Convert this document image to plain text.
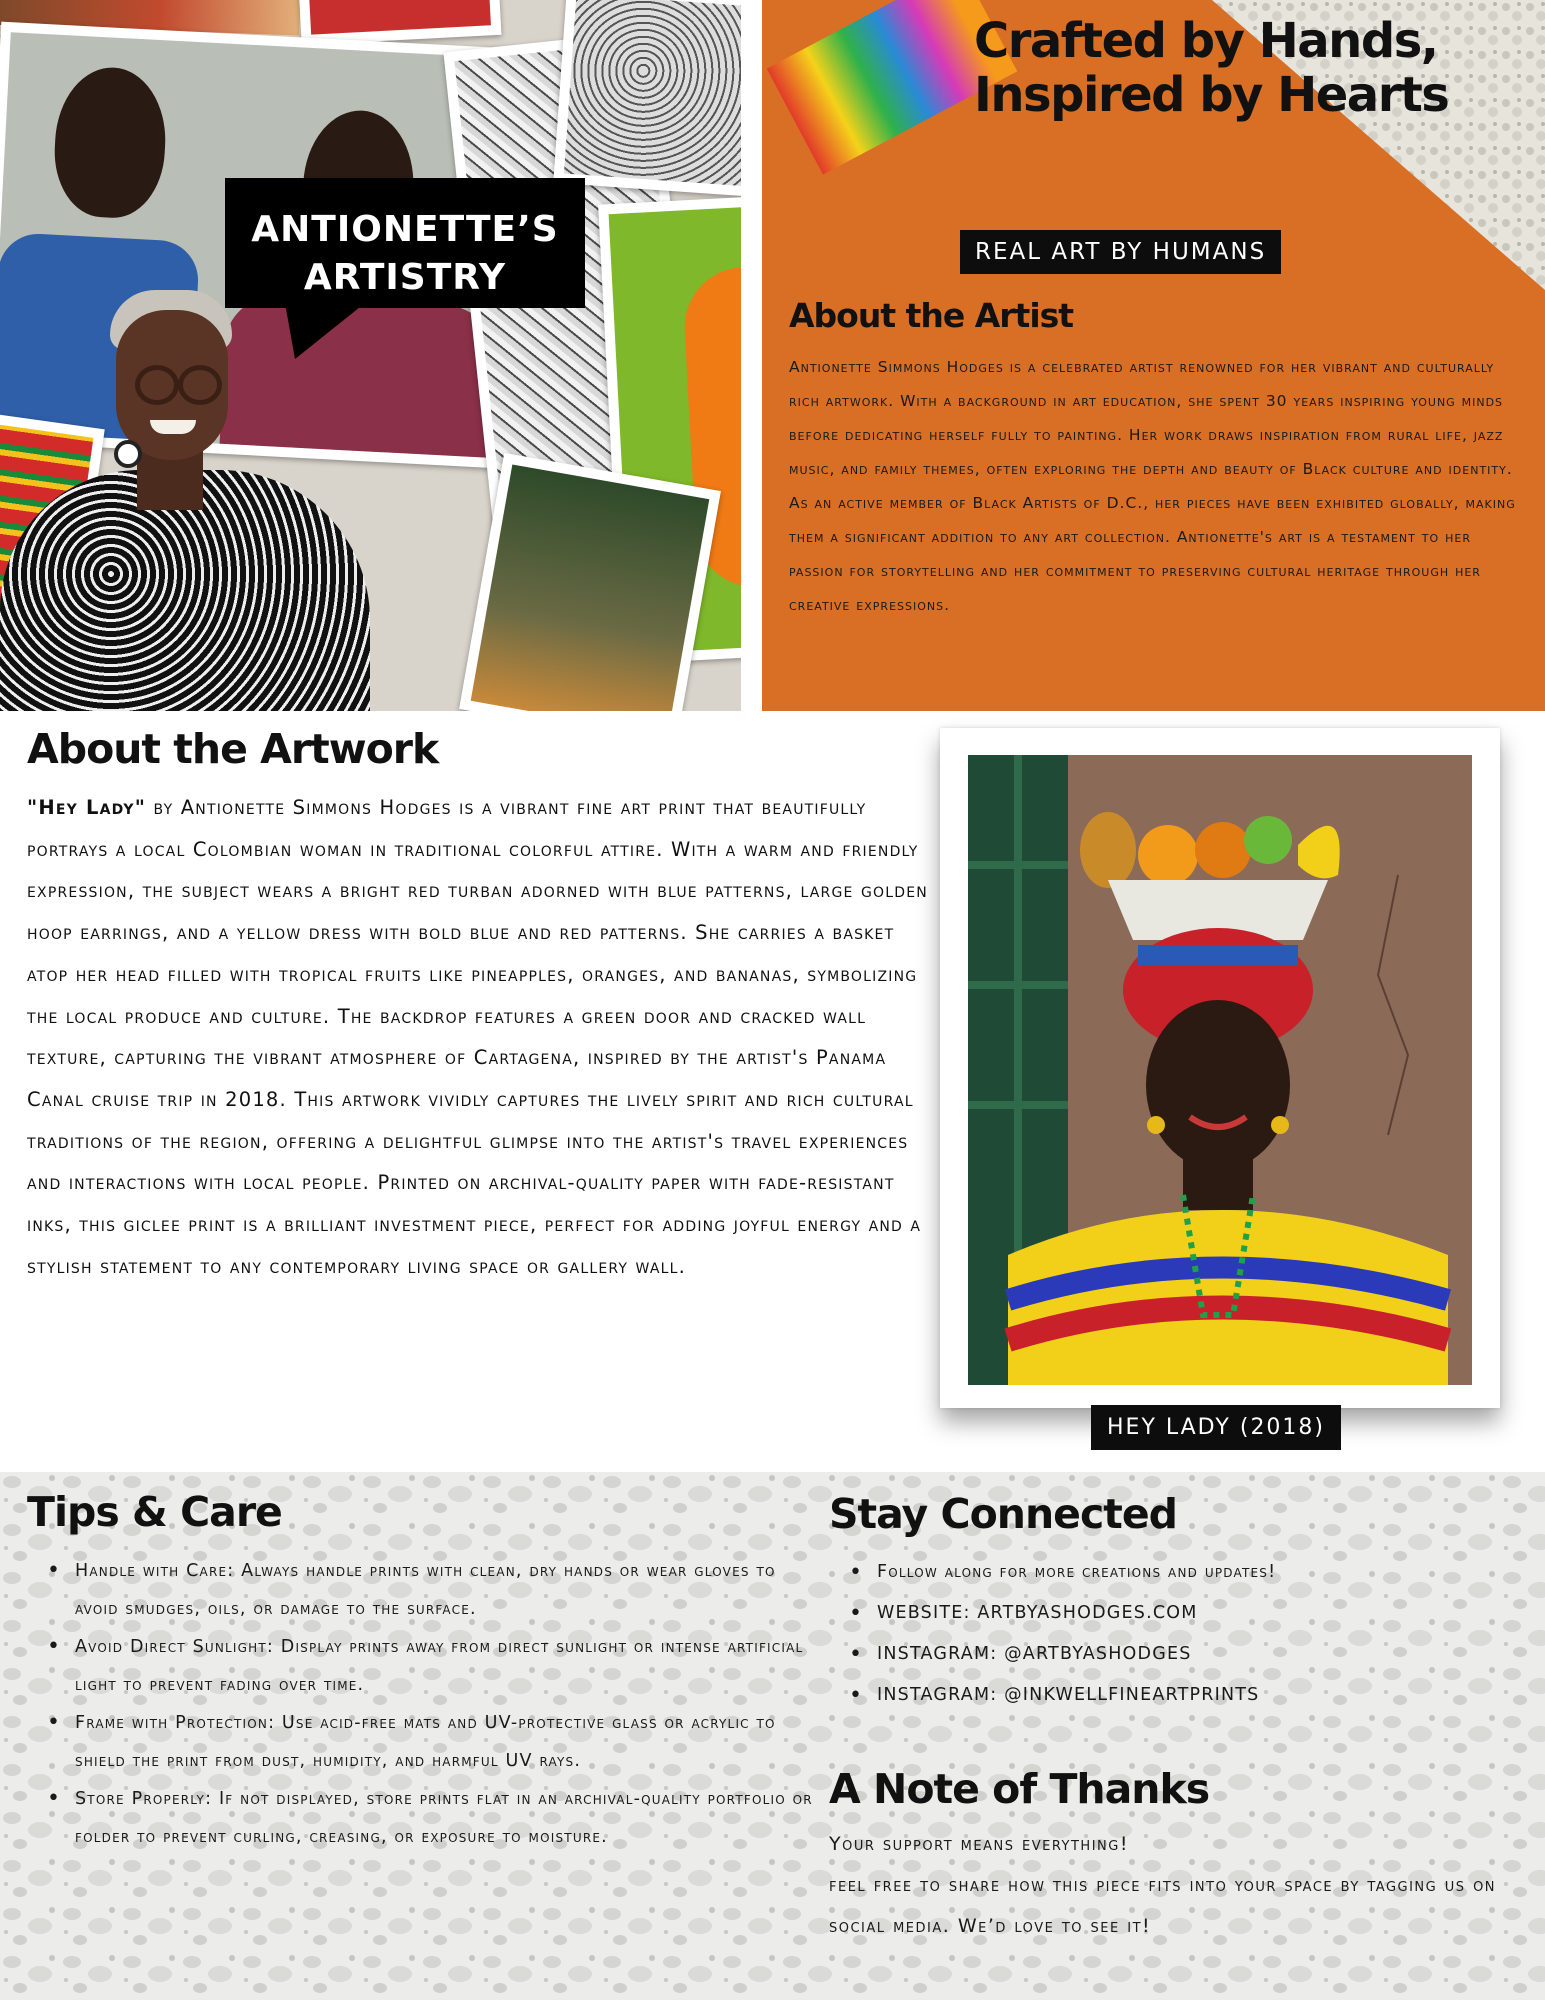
ANTIONETTE’S ARTISTRY
Crafted by Hands, Inspired by Hearts
REAL ART BY HUMANS
About the Artist

Antionette Simmons Hodges is a celebrated artist renowned for her vibrant and culturally rich artwork. With a background in art education, she spent 30 years inspiring young minds before dedicating herself fully to painting. Her work draws inspiration from rural life, jazz music, and family themes, often exploring the depth and beauty of Black culture and identity. As an active member of Black Artists of D.C., her pieces have been exhibited globally, making them a significant addition to any art collection. Antionette's art is a testament to her passion for storytelling and her commitment to preserving cultural heritage through her creative expressions.

About the Artwork

"Hey Lady" by Antionette Simmons Hodges is a vibrant fine art print that beautifully portrays a local Colombian woman in traditional colorful attire. With a warm and friendly expression, the subject wears a bright red turban adorned with blue patterns, large golden hoop earrings, and a yellow dress with bold blue and red patterns. She carries a basket atop her head filled with tropical fruits like pineapples, oranges, and bananas, symbolizing the local produce and culture. The backdrop features a green door and cracked wall texture, capturing the vibrant atmosphere of Cartagena, inspired by the artist's Panama Canal cruise trip in 2018. This artwork vividly captures the lively spirit and rich cultural traditions of the region, offering a delightful glimpse into the artist's travel experiences and interactions with local people. Printed on archival-quality paper with fade-resistant inks, this giclee print is a brilliant investment piece, perfect for adding joyful energy and a stylish statement to any contemporary living space or gallery wall.

HEY LADY (2018)
Tips & Care
• Handle with Care: Always handle prints with clean, dry hands or wear gloves to avoid smudges, oils, or damage to the surface.
• Avoid Direct Sunlight: Display prints away from direct sunlight or intense artificial light to prevent fading over time.
• Frame with Protection: Use acid-free mats and UV-protective glass or acrylic to shield the print from dust, humidity, and harmful UV rays.
• Store Properly: If not displayed, store prints flat in an archival-quality portfolio or folder to prevent curling, creasing, or exposure to moisture.
Stay Connected
• Follow along for more creations and updates!
• WEBSITE: ARTBYASHODGES.COM
• INSTAGRAM: @ARTBYASHODGES
• INSTAGRAM: @INKWELLFINEARTPRINTS
A Note of Thanks

Your support means everything!
feel free to share how this piece fits into your space by tagging us on social media. We’d love to see it!
